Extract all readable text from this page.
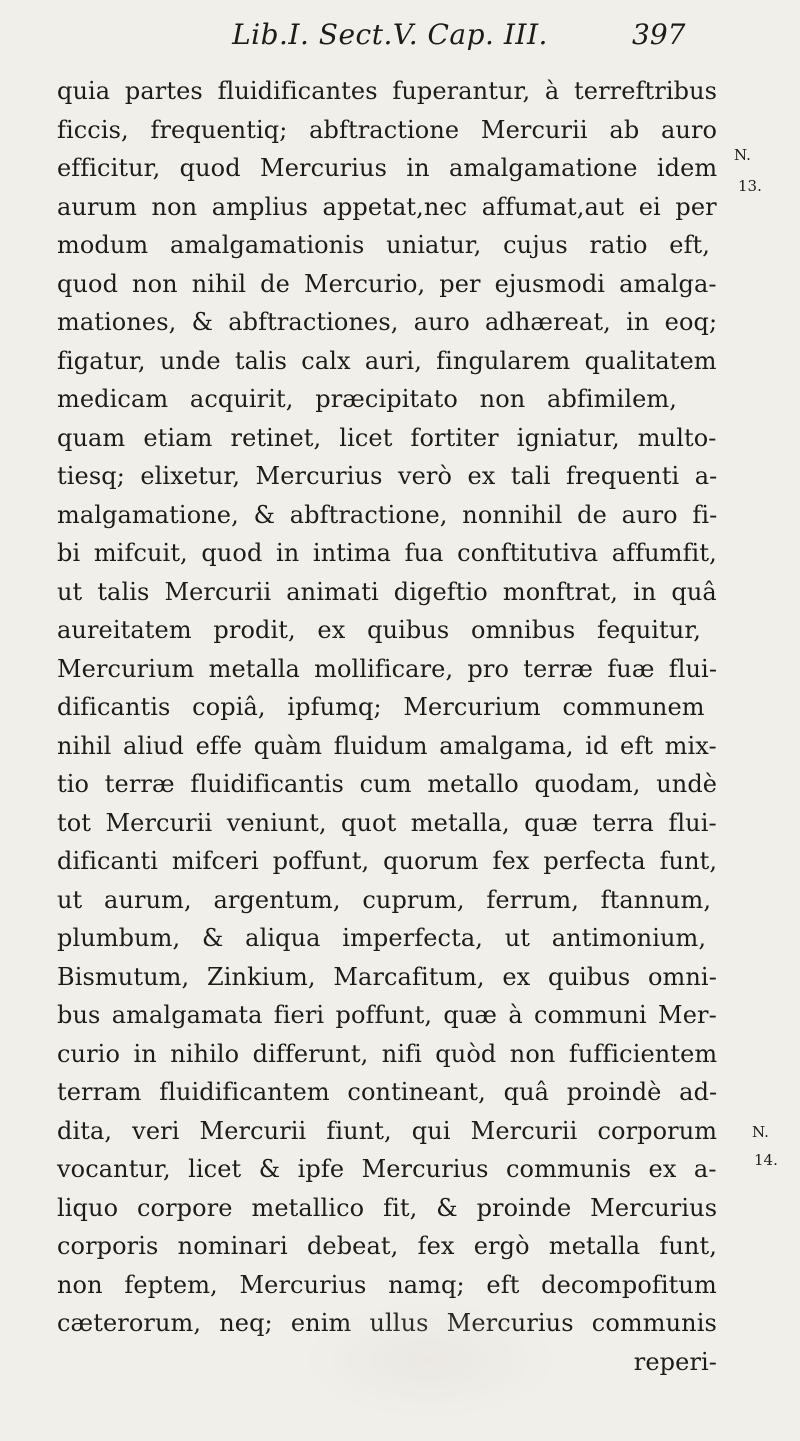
Lib.I. Sect.V. Cap. III.	397
quia partes fluidificantes fuperantur, à terreftribus
ficcis, frequentiq; abftractione Mercurii ab auro
efficitur, quod Mercurius in amalgamatione idem
aurum non amplius appetat,nec affumat,aut ei per
modum amalgamationis uniatur, cujus ratio eft,
quod non nihil de Mercurio, per ejusmodi amalga-
mationes, & abftractiones, auro adhæreat, in eoq;
figatur, unde talis calx auri, fingularem qualitatem
medicam acquirit, præcipitato non abfimilem,
quam etiam retinet, licet fortiter igniatur, multo-
tiesq; elixetur, Mercurius verò ex tali frequenti a-
malgamatione, & abftractione, nonnihil de auro fi-
bi mifcuit, quod in intima fua conftitutiva affumfit,
ut talis Mercurii animati digeftio monftrat, in quâ
aureitatem prodit, ex quibus omnibus fequitur,
Mercurium metalla mollificare, pro terræ fuæ flui-
dificantis copiâ, ipfumq; Mercurium communem
nihil aliud effe quàm fluidum amalgama, id eft mix-
tio terræ fluidificantis cum metallo quodam, undè
tot Mercurii veniunt, quot metalla, quæ terra flui-
dificanti mifceri poffunt, quorum fex perfecta funt,
ut aurum, argentum, cuprum, ferrum, ftannum,
plumbum, & aliqua imperfecta, ut antimonium,
Bismutum, Zinkium, Marcafitum, ex quibus omni-
bus amalgamata fieri poffunt, quæ à communi Mer-
curio in nihilo differunt, nifi quòd non fufficientem
terram fluidificantem contineant, quâ proindè ad-
dita, veri Mercurii fiunt, qui Mercurii corporum
vocantur, licet & ipfe Mercurius communis ex a-
liquo corpore metallico fit, & proinde Mercurius
corporis nominari debeat, fex ergò metalla funt,
non feptem, Mercurius namq; eft decompofitum
cæterorum, neq; enim ullus Mercurius communis
reperi-
N.
13.
N.
14.
